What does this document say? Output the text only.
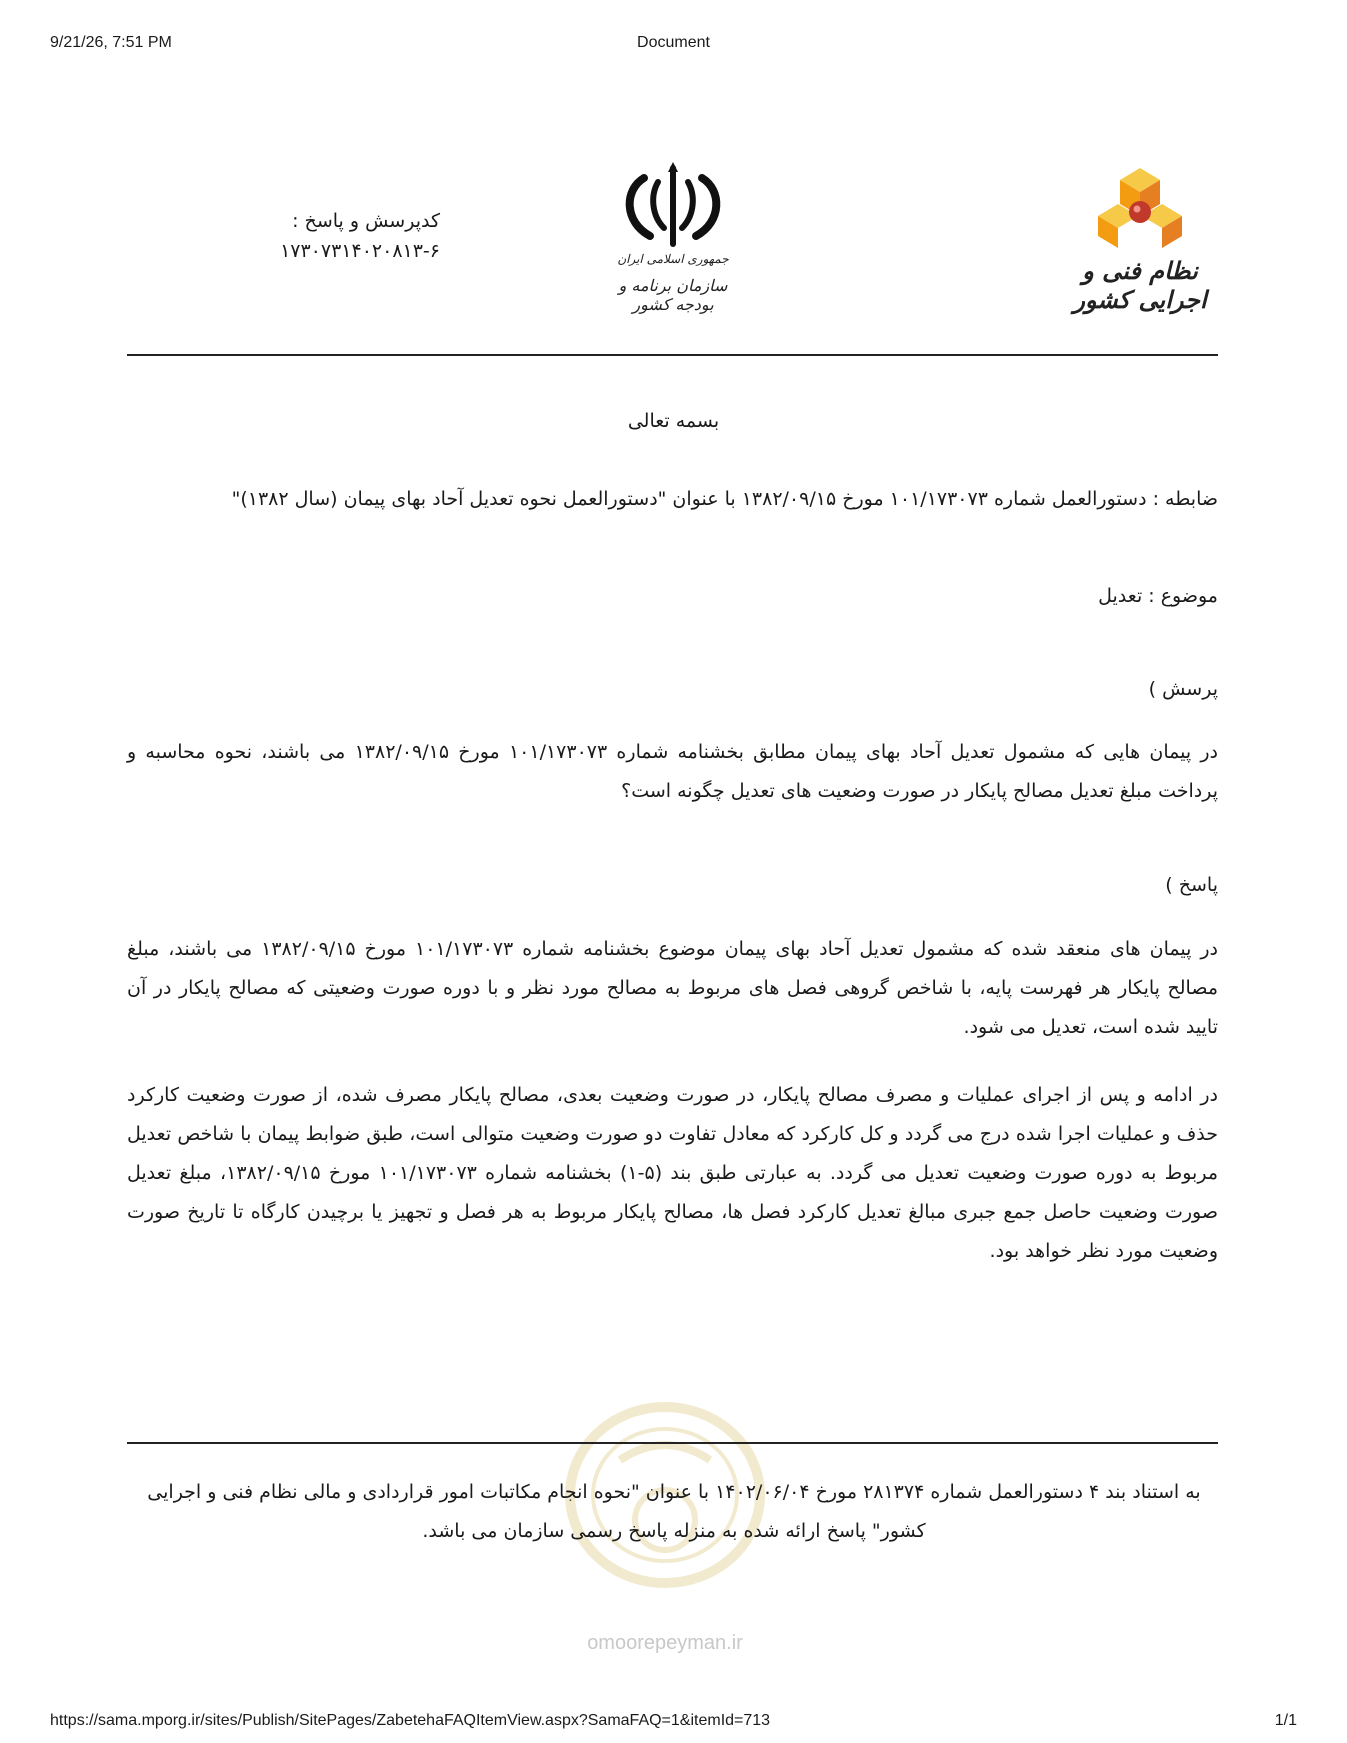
9/21/26, 7:51 PM	Document
نظام فنی و اجرایی کشور
جمهوری اسلامی ایران
سازمان برنامه و بودجه کشور
کدپرسش و پاسخ :
۱۷۳۰۷۳۱۴۰۲۰۸۱۳-۶
بسمه تعالی
ضابطه : دستورالعمل شماره ۱۰۱/۱۷۳۰۷۳ مورخ ۱۳۸۲/۰۹/۱۵ با عنوان "دستورالعمل نحوه تعدیل آحاد بهای پیمان (سال ۱۳۸۲)"
موضوع : تعدیل
پرسش )
در پیمان هایی که مشمول تعدیل آحاد بهای پیمان مطابق بخشنامه شماره ۱۰۱/۱۷۳۰۷۳ مورخ ۱۳۸۲/۰۹/۱۵ می باشند، نحوه محاسبه و پرداخت مبلغ تعدیل مصالح پایکار در صورت وضعیت های تعدیل چگونه است؟
پاسخ )
در پیمان های منعقد شده که مشمول تعدیل آحاد بهای پیمان موضوع بخشنامه شماره ۱۰۱/۱۷۳۰۷۳ مورخ ۱۳۸۲/۰۹/۱۵ می باشند، مبلغ مصالح پایکار هر فهرست پایه، با شاخص گروهی فصل های مربوط به مصالح مورد نظر و با دوره صورت وضعیتی که مصالح پایکار در آن تایید شده است، تعدیل می شود.
در ادامه و پس از اجرای عملیات و مصرف مصالح پایکار، در صورت وضعیت بعدی، مصالح پایکار مصرف شده، از صورت وضعیت کارکرد حذف و عملیات اجرا شده درج می گردد و کل کارکرد که معادل تفاوت دو صورت وضعیت متوالی است، طبق ضوابط پیمان با شاخص تعدیل مربوط به دوره صورت وضعیت تعدیل می گردد. به عبارتی طبق بند (۵-۱) بخشنامه شماره ۱۰۱/۱۷۳۰۷۳ مورخ ۱۳۸۲/۰۹/۱۵، مبلغ تعدیل صورت وضعیت حاصل جمع جبری مبالغ تعدیل کارکرد فصل ها، مصالح پایکار مربوط به هر فصل و تجهیز یا برچیدن کارگاه تا تاریخ صورت وضعیت مورد نظر خواهد بود.
به استناد بند ۴ دستورالعمل شماره ۲۸۱۳۷۴ مورخ ۱۴۰۲/۰۶/۰۴ با عنوان "نحوه انجام مکاتبات امور قراردادی و مالی نظام فنی و اجرایی کشور" پاسخ ارائه شده به منزله پاسخ رسمی سازمان می باشد.
omoorepeyman.ir
https://sama.mporg.ir/sites/Publish/SitePages/ZabetehaFAQItemView.aspx?SamaFAQ=1&itemId=713	1/1
